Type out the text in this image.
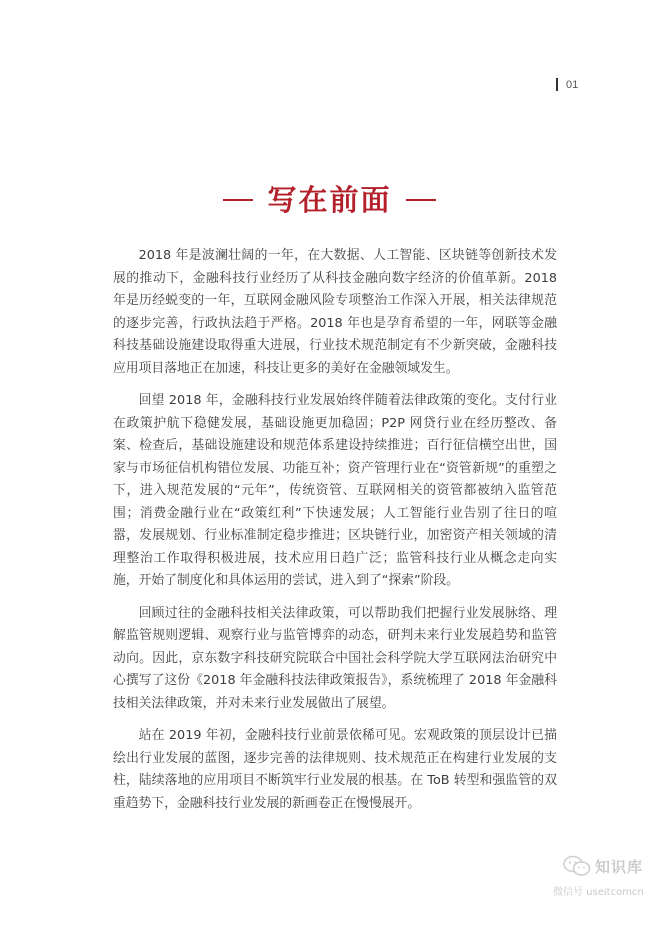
01
写在前面

2018 年是波澜壮阔的一年，在大数据、人工智能、区块链等创新技术发展的推动下，金融科技行业经历了从科技金融向数字经济的价值革新。2018 年是历经蜕变的一年，互联网金融风险专项整治工作深入开展，相关法律规范的逐步完善，行政执法趋于严格。2018 年也是孕育希望的一年，网联等金融科技基础设施建设取得重大进展，行业技术规范制定有不少新突破，金融科技应用项目落地正在加速，科技让更多的美好在金融领域发生。

回望 2018 年，金融科技行业发展始终伴随着法律政策的变化。支付行业在政策护航下稳健发展，基础设施更加稳固；P2P 网贷行业在经历整改、备案、检查后，基础设施建设和规范体系建设持续推进；百行征信横空出世，国家与市场征信机构错位发展、功能互补；资产管理行业在“资管新规”的重塑之下，进入规范发展的“元年”，传统资管、互联网相关的资管都被纳入监管范围；消费金融行业在“政策红利”下快速发展；人工智能行业告别了往日的喧嚣，发展规划、行业标准制定稳步推进；区块链行业，加密资产相关领域的清理整治工作取得积极进展，技术应用日趋广泛；监管科技行业从概念走向实施，开始了制度化和具体运用的尝试，进入到了“探索”阶段。

回顾过往的金融科技相关法律政策，可以帮助我们把握行业发展脉络、理解监管规则逻辑、观察行业与监管博弈的动态，研判未来行业发展趋势和监管动向。因此，京东数字科技研究院联合中国社会科学院大学互联网法治研究中心撰写了这份《2018 年金融科技法律政策报告》，系统梳理了 2018 年金融科技相关法律政策，并对未来行业发展做出了展望。

站在 2019 年初，金融科技行业前景依稀可见。宏观政策的顶层设计已描绘出行业发展的蓝图，逐步完善的法律规则、技术规范正在构建行业发展的支柱，陆续落地的应用项目不断筑牢行业发展的根基。在 ToB 转型和强监管的双重趋势下，金融科技行业发展的新画卷正在慢慢展开。

知识库
微信号 useitcomcn
